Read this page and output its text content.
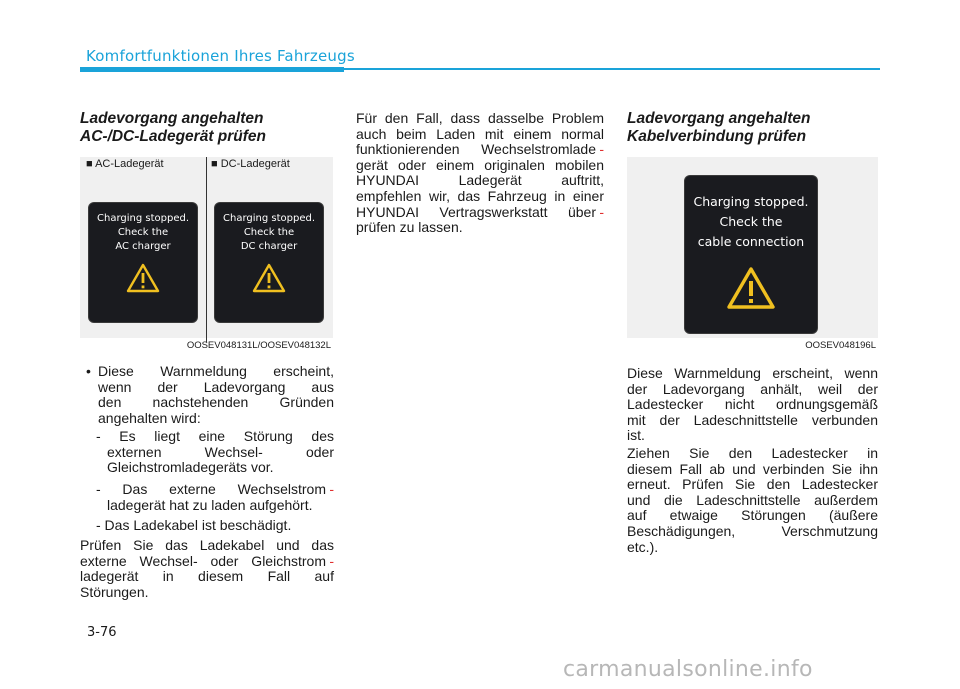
Komfortfunktionen Ihres Fahrzeugs
Ladevorgang angehalten
AC-/DC-Ladegerät prüfen
■ AC-Ladegerät	■ DC-Ladegerät
Charging stopped.
Check the
AC charger
Charging stopped.
Check the
DC charger
OOSEV048131L/OOSEV048132L
• Diese Warnmeldung erscheint,
wenn der Ladevorgang aus
den nachstehenden Gründen
angehalten wird:
- Es liegt eine Störung des
externen Wechsel- oder
Gleichstromladegeräts vor.
- Das externe Wechselstrom -
ladegerät hat zu laden aufgehört.
- Das Ladekabel ist beschädigt.
Prüfen Sie das Ladekabel und das
externe Wechsel- oder Gleichstrom -
ladegerät in diesem Fall auf
Störungen.
Für den Fall, dass dasselbe Problem
auch beim Laden mit einem normal
funktionierenden Wechselstromlade -
gerät oder einem originalen mobilen
HYUNDAI Ladegerät auftritt,
empfehlen wir, das Fahrzeug in einer
HYUNDAI Vertragswerkstatt über -
prüfen zu lassen.
Ladevorgang angehalten
Kabelverbindung prüfen
Charging stopped.
Check the
cable connection
OOSEV048196L
Diese Warnmeldung erscheint, wenn
der Ladevorgang anhält, weil der
Ladestecker nicht ordnungsgemäß
mit der Ladeschnittstelle verbunden
ist.
Ziehen Sie den Ladestecker in
diesem Fall ab und verbinden Sie ihn
erneut. Prüfen Sie den Ladestecker
und die Ladeschnittstelle außerdem
auf etwaige Störungen (äußere
Beschädigungen, Verschmutzung
etc.).
3-76
carmanualsonline.info
